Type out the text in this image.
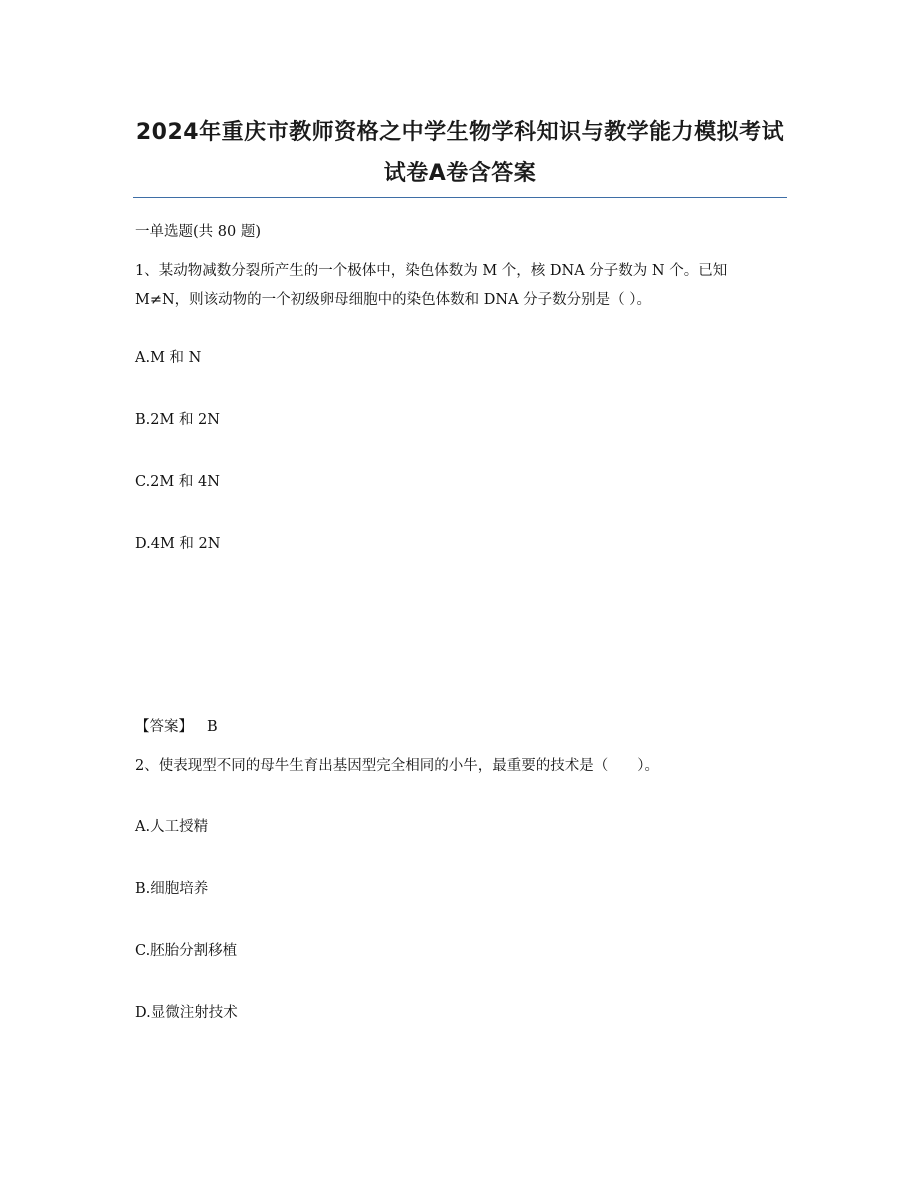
2024年重庆市教师资格之中学生物学科知识与教学能力模拟考试试卷A卷含答案
一单选题(共 80 题)
1、某动物减数分裂所产生的一个极体中，染色体数为 M 个，核 DNA 分子数为 N 个。已知 M≠N，则该动物的一个初级卵母细胞中的染色体数和 DNA 分子数分别是（ ）。
A.M 和 N
B.2M 和 2N
C.2M 和 4N
D.4M 和 2N
【答案】 B
2、使表现型不同的母牛生育出基因型完全相同的小牛，最重要的技术是（　　）。
A.人工授精
B.细胞培养
C.胚胎分割移植
D.显微注射技术
